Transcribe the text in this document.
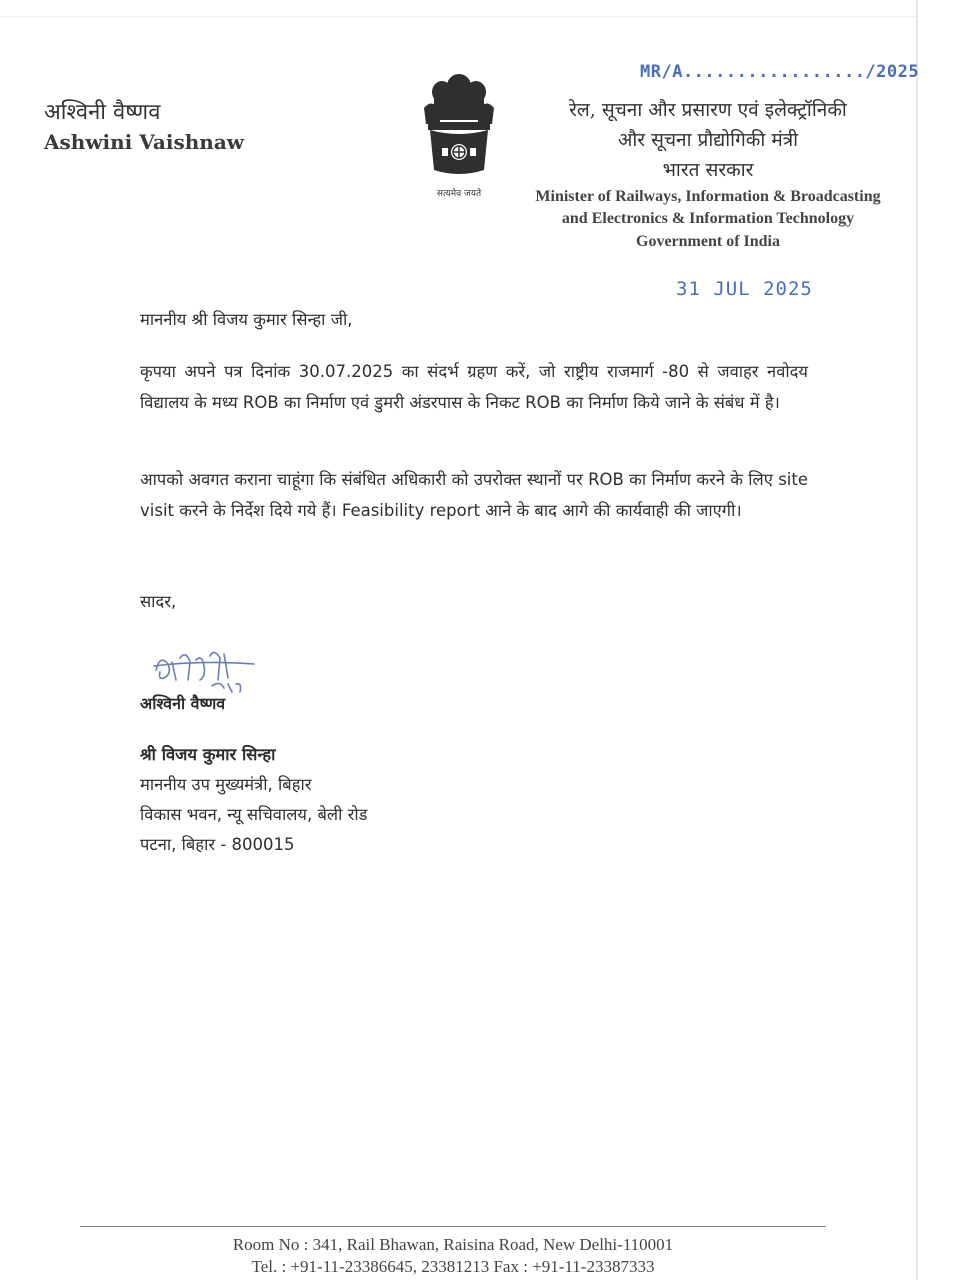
अश्विनी वैष्णव
Ashwini Vaishnaw
सत्यमेव जयते
MR/A................./2025
रेल, सूचना और प्रसारण एवं इलेक्ट्रॉनिकी
और सूचना प्रौद्योगिकी मंत्री
भारत सरकार
Minister of Railways, Information & Broadcasting
and Electronics & Information Technology
Government of India
31 JUL 2025
माननीय श्री विजय कुमार सिन्हा जी,
कृपया अपने पत्र दिनांक 30.07.2025 का संदर्भ ग्रहण करें, जो राष्ट्रीय राजमार्ग -80 से जवाहर नवोदय विद्यालय के मध्य ROB का निर्माण एवं डुमरी अंडरपास के निकट ROB का निर्माण किये जाने के संबंध में है।
आपको अवगत कराना चाहूंगा कि संबंधित अधिकारी को उपरोक्त स्थानों पर ROB का निर्माण करने के लिए site visit करने के निर्देश दिये गये हैं। Feasibility report आने के बाद आगे की कार्यवाही की जाएगी।
सादर,
अश्विनी वैष्णव
श्री विजय कुमार सिन्हा
माननीय उप मुख्यमंत्री, बिहार
विकास भवन, न्यू सचिवालय, बेली रोड
पटना, बिहार - 800015
Room No : 341, Rail Bhawan, Raisina Road, New Delhi-110001
Tel. : +91-11-23386645, 23381213 Fax : +91-11-23387333
